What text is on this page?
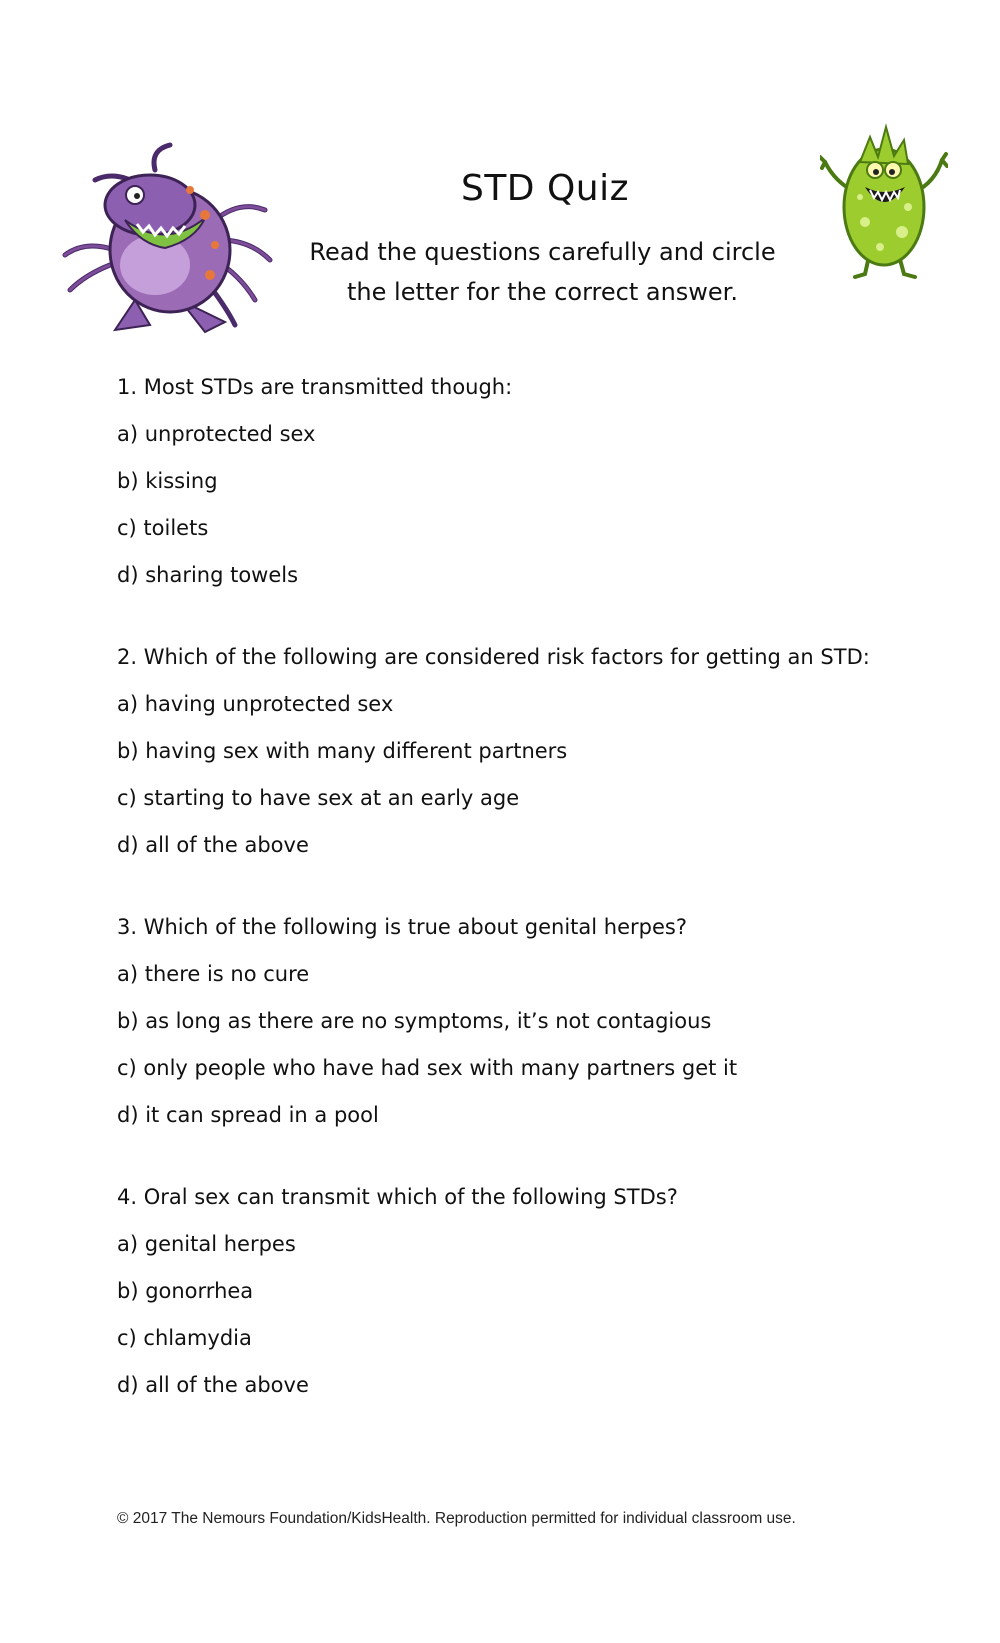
STD Quiz
Read the questions carefully and circle
the letter for the correct answer.

1. Most STDs are transmitted though:

a) unprotected sex
b) kissing
c) toilets
d) sharing towels

2. Which of the following are considered risk factors for getting an STD:

a) having unprotected sex
b) having sex with many different partners
c) starting to have sex at an early age
d) all of the above

3. Which of the following is true about genital herpes?

a) there is no cure
b) as long as there are no symptoms, it’s not contagious
c) only people who have had sex with many partners get it
d) it can spread in a pool

4. Oral sex can transmit which of the following STDs?

a) genital herpes
b) gonorrhea
c) chlamydia
d) all of the above
© 2017 The Nemours Foundation/KidsHealth. Reproduction permitted for individual classroom use.
